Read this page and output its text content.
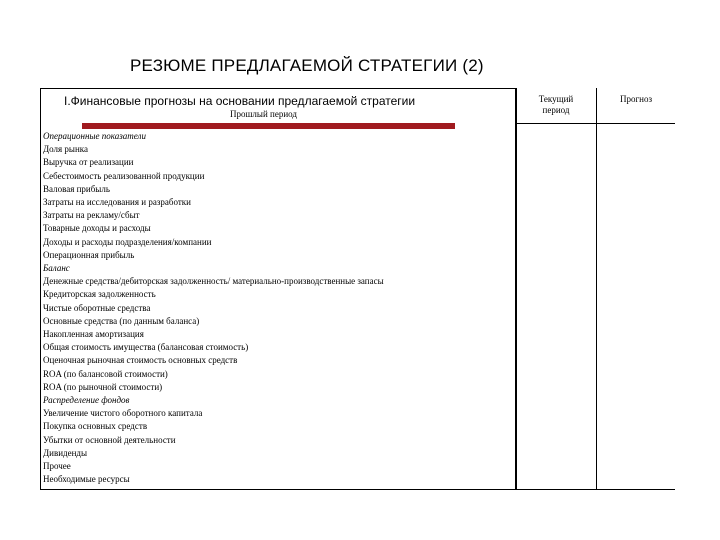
РЕЗЮМЕ ПРЕДЛАГАЕМОЙ СТРАТЕГИИ (2)
I.Финансовые прогнозы на основании предлагаемой стратегии
Прошлый период
Текущий
период
Прогноз
Операционные показатели
Доля рынка
Выручка от реализации
Себестоимость реализованной продукции
Валовая прибыль
Затраты на исследования и разработки
Затраты на рекламу/сбыт
Товарные доходы и расходы
Доходы и расходы подразделения/компании
Операционная прибыль
Баланс
Денежные средства/дебиторская задолженность/ материально-производственные запасы
Кредиторская задолженность
Чистые оборотные средства
Основные средства (по данным баланса)
Накопленная амортизация
Общая стоимость имущества (балансовая стоимость)
Оценочная рыночная стоимость основных средств
ROA (по балансовой стоимости)
ROA (по рыночной стоимости)
Распределение фондов
Увеличение чистого оборотного капитала
Покупка основных средств
Убытки от основной деятельности
Дивиденды
Прочее
Необходимые ресурсы
